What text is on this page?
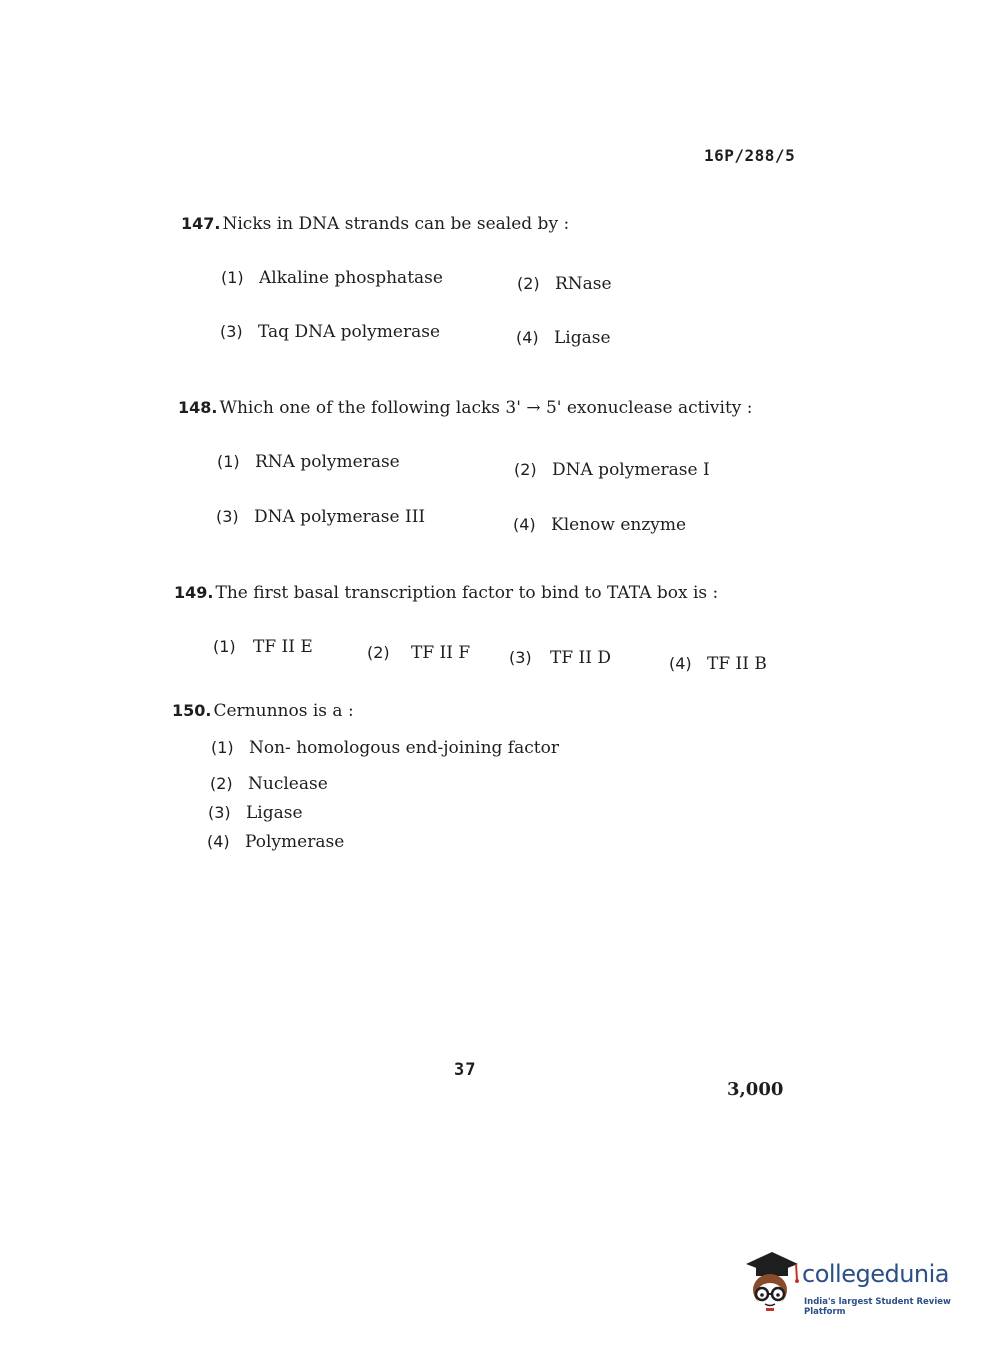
16P/288/5
147. Nicks in DNA strands can be sealed by :
(1) Alkaline phosphatase	(2) RNase
(3) Taq DNA polymerase	(4) Ligase
148. Which one of the following lacks 3' → 5' exonuclease activity :
(1) RNA polymerase	(2) DNA polymerase I
(3) DNA polymerase III	(4) Klenow enzyme
149. The first basal transcription factor to bind to TATA box is :
(1) TF II E	(2) TF II F (3) TF II D	(4) TF II B
150. Cernunnos is a :
(1) Non- homologous end-joining factor
(2) Nuclease
(3) Ligase
(4) Polymerase
37
3,000
collegedunia
India's largest Student Review Platform
